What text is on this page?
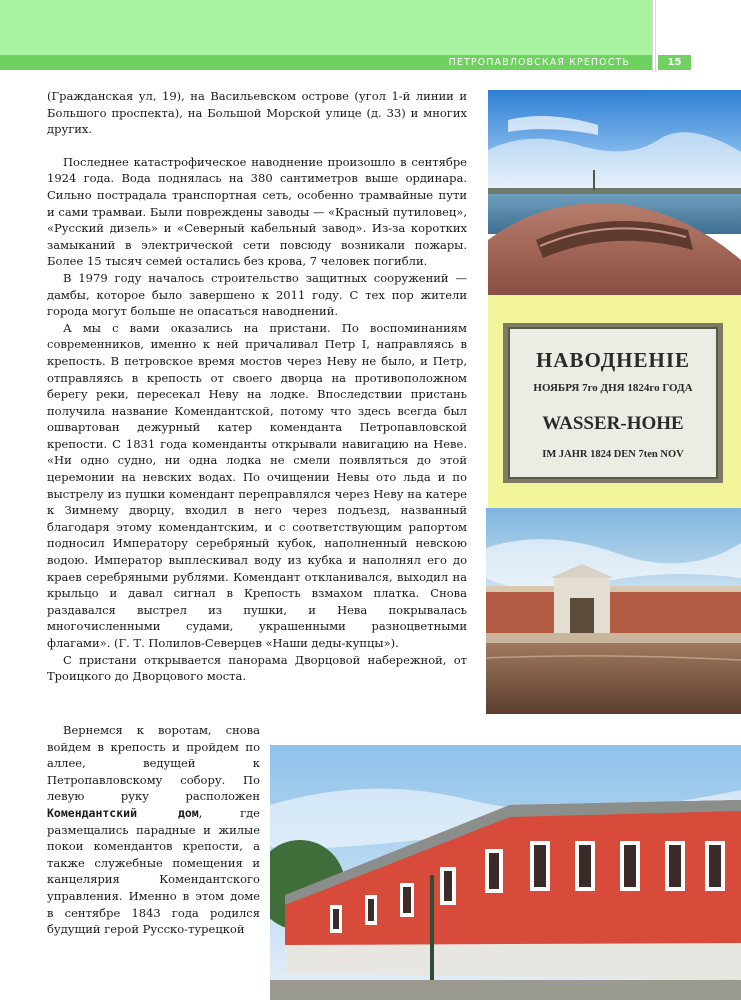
ПЕТРОПАВЛОВСКАЯ КРЕПОСТЬ	15
НАВОДНЕНІЕ
НОЯБРЯ 7го ДНЯ 1824го ГОДА
WASSER-HOHE
IM JAHR 1824 DEN 7ten NOV

(Гражданская ул, 19), на Васильевском острове (угол 1-й линии и Большого проспекта), на Большой Морской улице (д. 33) и многих других.

Последнее катастрофическое наводнение произошло в сентябре 1924 года. Вода поднялась на 380 сантиметров выше ординара. Сильно пострадала транспортная сеть, особенно трамвайные пути и сами трамваи. Были повреждены заводы — «Красный путиловец», «Русский дизель» и «Северный кабельный завод». Из-за коротких замыканий в электрической сети повсюду возникали пожары. Более 15 тысяч семей остались без крова, 7 человек погибли.

В 1979 году началось строительство защитных сооружений — дамбы, которое было завершено к 2011 году. С тех пор жители города могут больше не опасаться наводнений.

А мы с вами оказались на пристани. По воспоминаниям современников, именно к ней причаливал Петр I, направляясь в крепость. В петровское время мостов через Неву не было, и Петр, отправляясь в крепость от своего дворца на противоположном берегу реки, пересекал Неву на лодке. Впоследствии пристань получила название Комендантской, потому что здесь всегда был ошвартован дежурный катер коменданта Петропавловской крепости. С 1831 года коменданты открывали навигацию на Неве. «Ни одно судно, ни одна лодка не смели появляться до этой церемонии на невских водах. По очищении Невы ото льда и по выстрелу из пушки комендант переправлялся через Неву на катере к Зимнему дворцу, входил в него через подъезд, названный благодаря этому комендантским, и с соответствующим рапортом подносил Императору серебряный кубок, наполненный невскою водою. Император выплескивал воду из кубка и наполнял его до краев серебряными рублями. Комендант откланивался, выходил на крыльцо и давал сигнал в Крепость взмахом платка. Снова раздавался выстрел из пушки, и Нева покрывалась многочисленными судами, украшенными разноцветными флагами». (Г. Т. Полилов-Северцев «Наши деды-купцы»).

С пристани открывается панорама Дворцовой набережной, от Троицкого до Дворцового моста.

Вернемся к воротам, снова войдем в крепость и пройдем по аллее, ведущей к Петропавловскому собору. По левую руку расположен Комендантский дом, где размещались парадные и жилые покои комендантов крепости, а также служебные помещения и канцелярия Комендантского управления. Именно в этом доме в сентябре 1843 года родился будущий герой Русско-турецкой
